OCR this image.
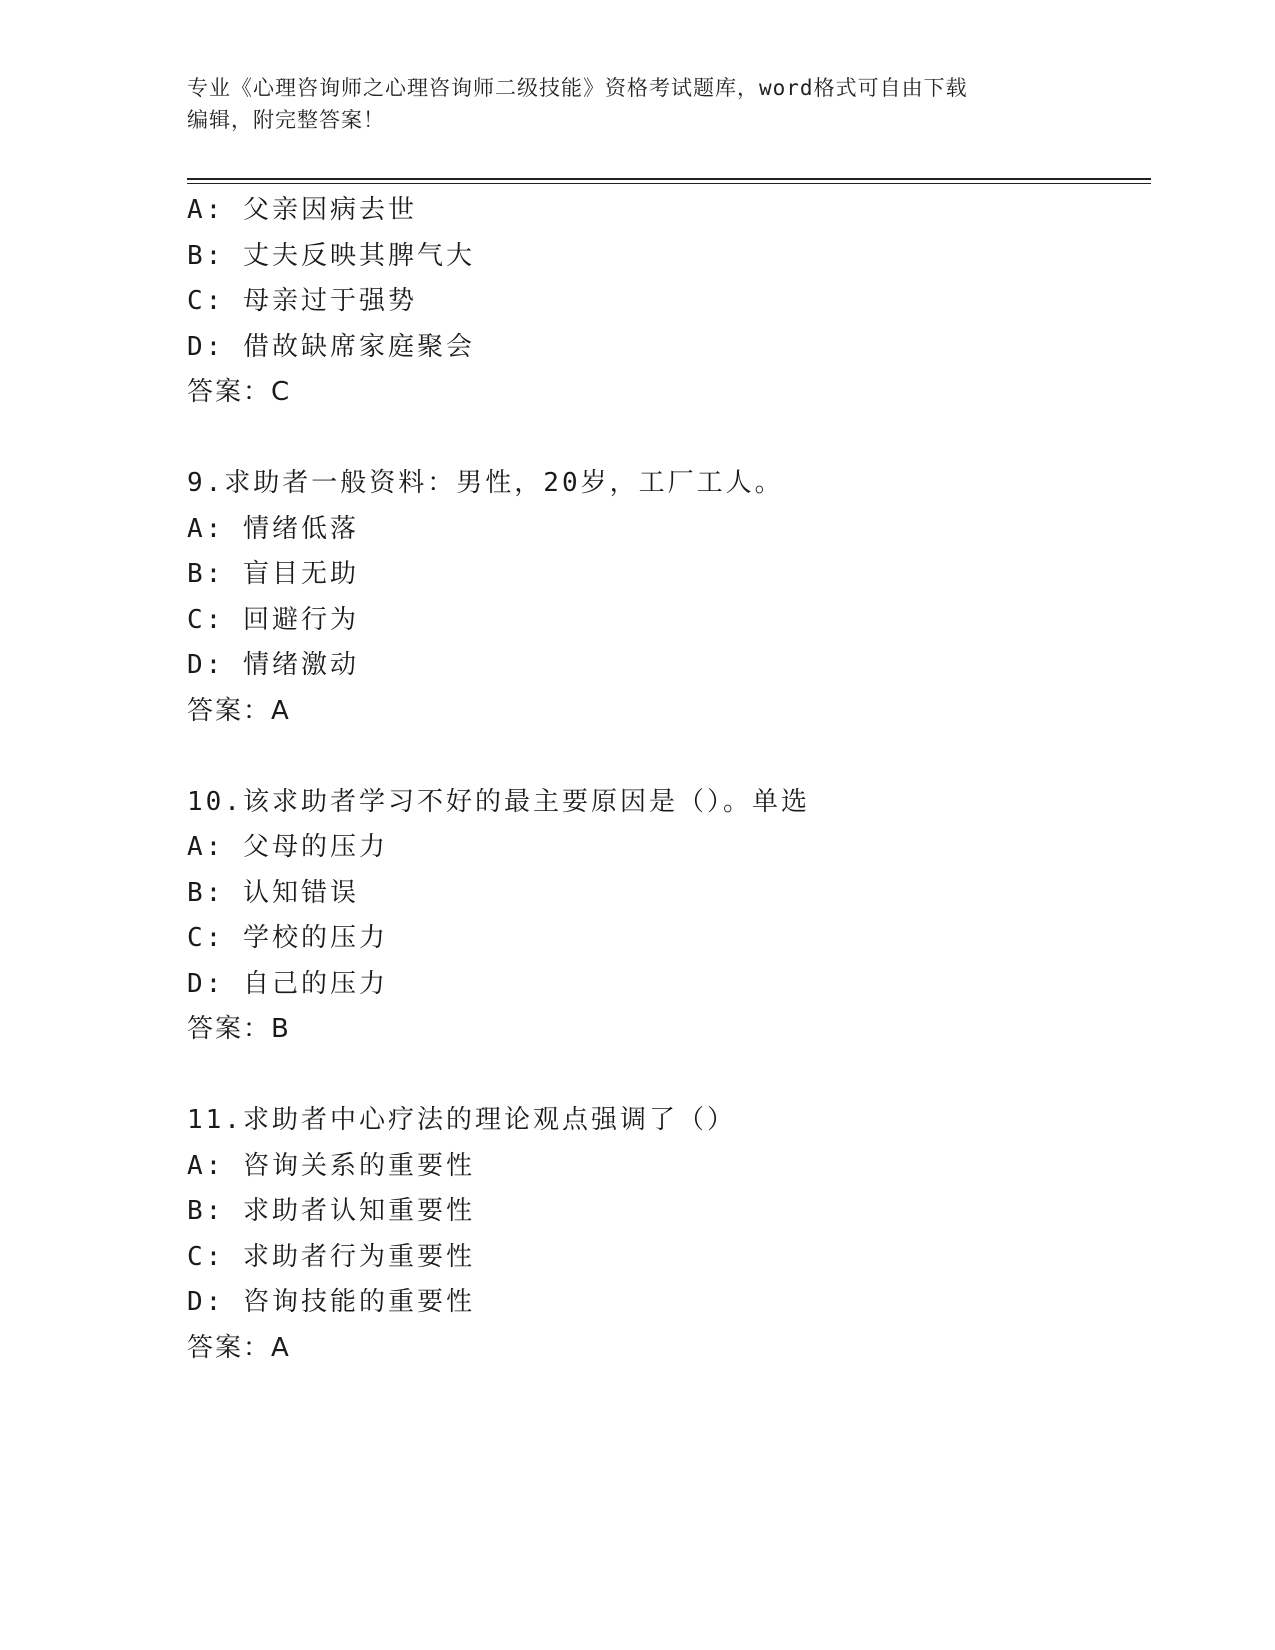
专业《心理咨询师之心理咨询师二级技能》资格考试题库，word格式可自由下载
编辑，附完整答案！
A: 父亲因病去世
B: 丈夫反映其脾气大
C: 母亲过于强势
D: 借故缺席家庭聚会
答案：C
9.求助者一般资料：男性，20岁，工厂工人。
A: 情绪低落
B: 盲目无助
C: 回避行为
D: 情绪激动
答案：A
10.该求助者学习不好的最主要原因是（）。单选
A: 父母的压力
B: 认知错误
C: 学校的压力
D: 自己的压力
答案：B
11.求助者中心疗法的理论观点强调了（）
A: 咨询关系的重要性
B: 求助者认知重要性
C: 求助者行为重要性
D: 咨询技能的重要性
答案：A
